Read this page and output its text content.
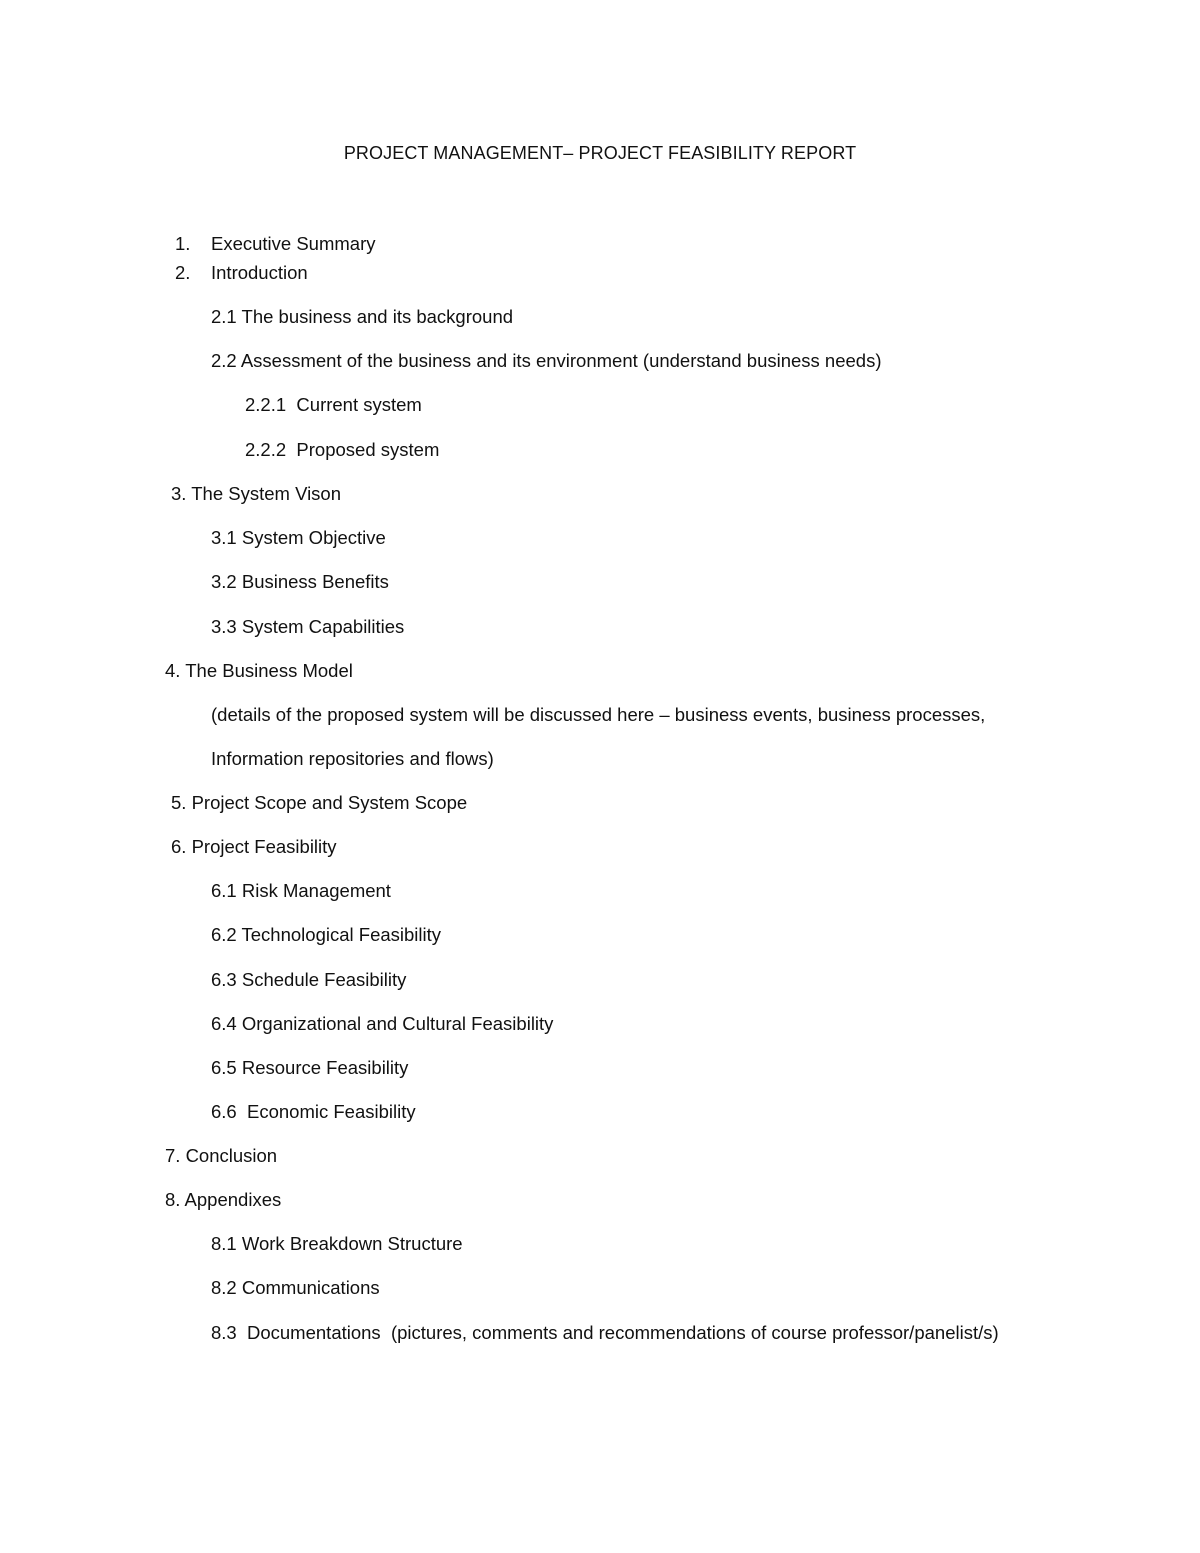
PROJECT MANAGEMENT– PROJECT FEASIBILITY REPORT
1. Executive Summary
2. Introduction
2.1 The business and its background
2.2 Assessment of the business and its environment (understand business needs)
2.2.1  Current system
2.2.2  Proposed system
3. The System Vison
3.1 System Objective
3.2 Business Benefits
3.3 System Capabilities
4. The Business Model
(details of the proposed system will be discussed here – business events, business processes,
Information repositories and flows)
5. Project Scope and System Scope
6. Project Feasibility
6.1 Risk Management
6.2 Technological Feasibility
6.3 Schedule Feasibility
6.4 Organizational and Cultural Feasibility
6.5 Resource Feasibility
6.6  Economic Feasibility
7. Conclusion
8. Appendixes
8.1 Work Breakdown Structure
8.2 Communications
8.3  Documentations  (pictures, comments and recommendations of course professor/panelist/s)
